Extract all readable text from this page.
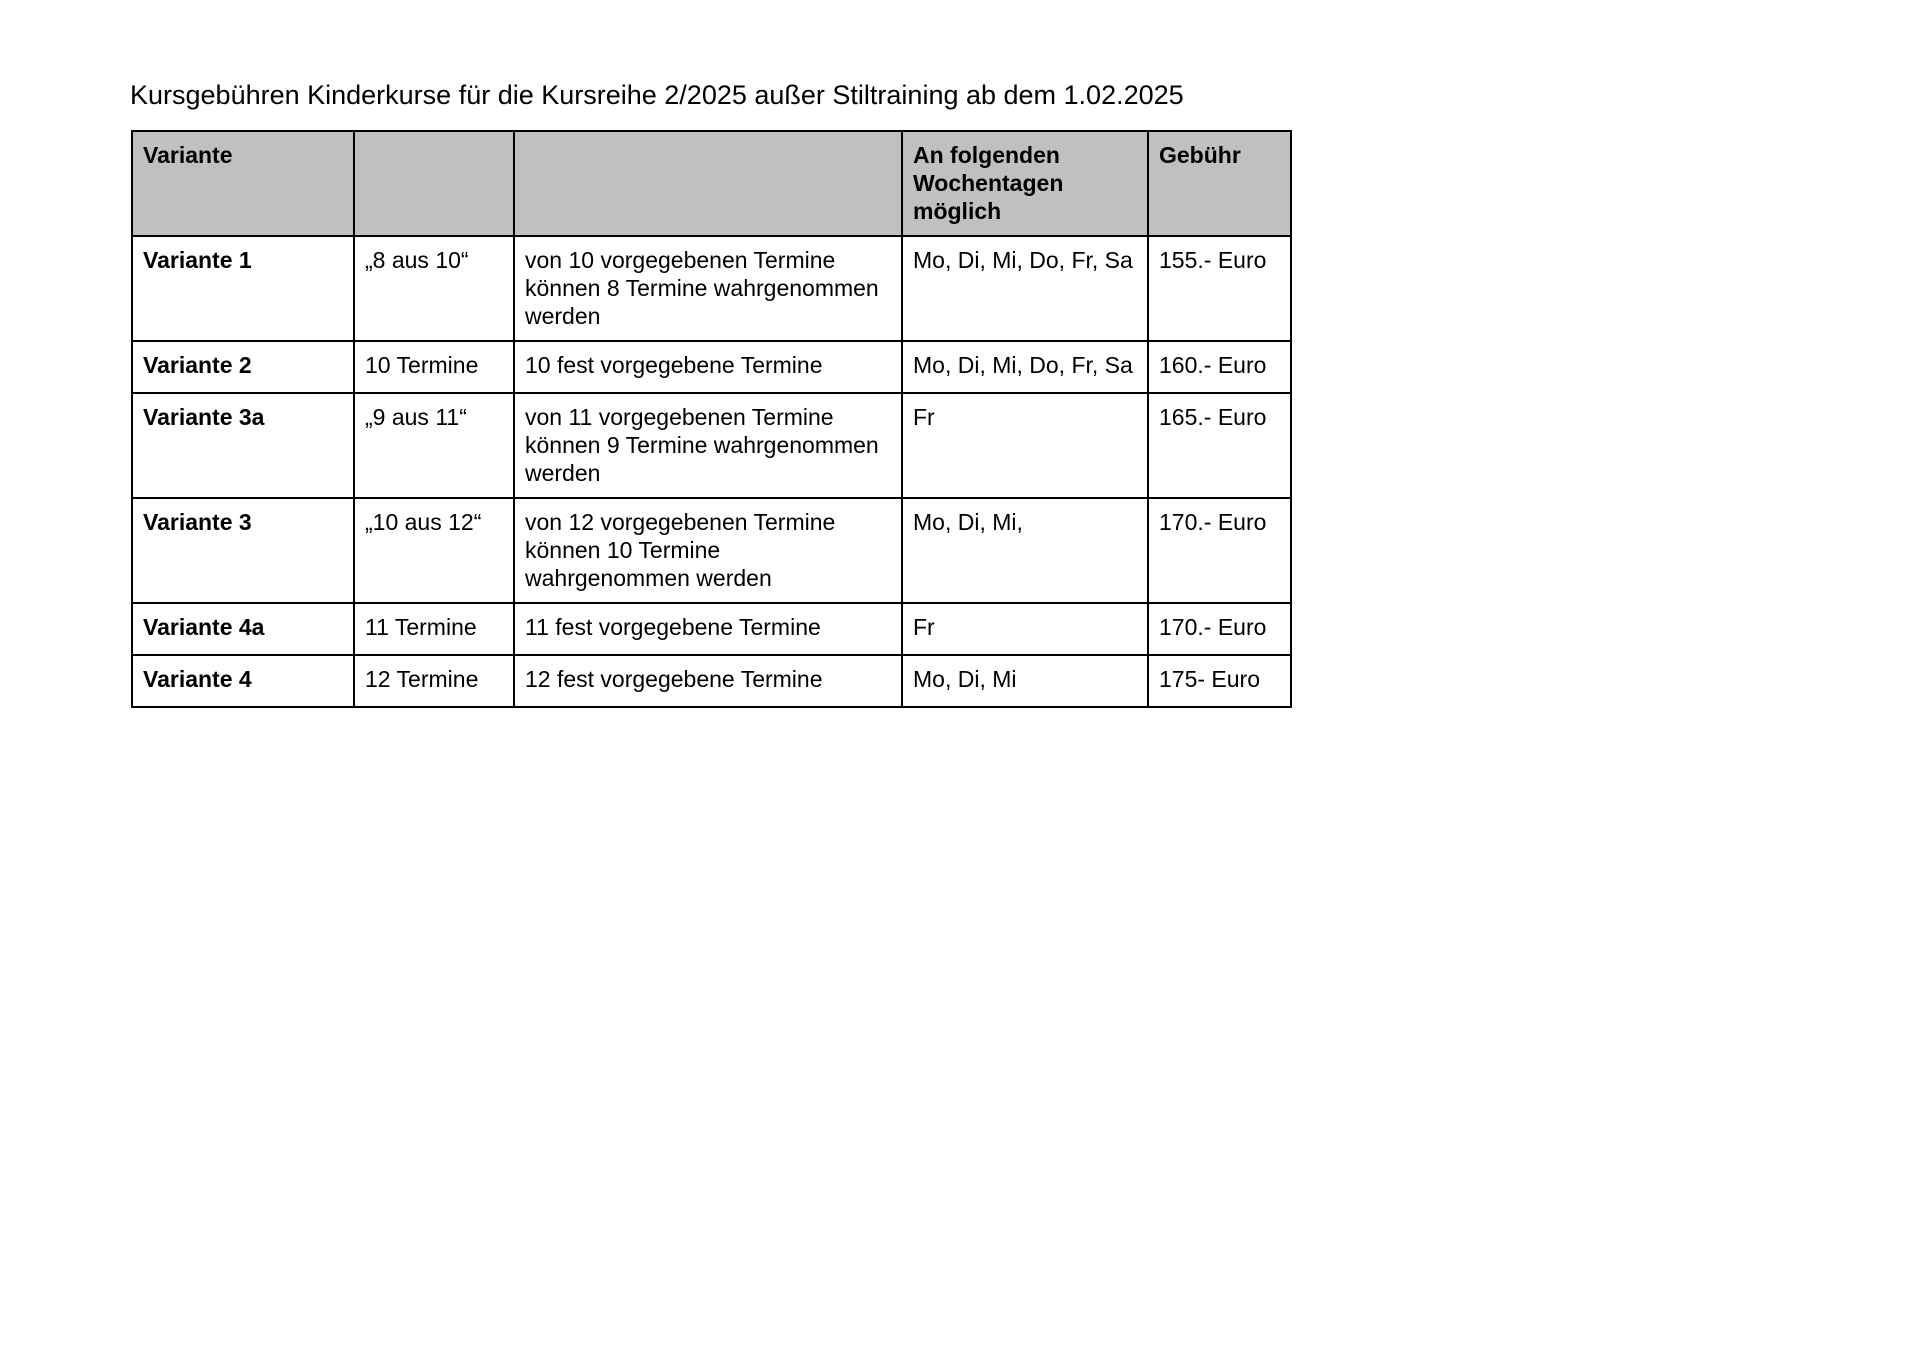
Kursgebühren Kinderkurse für die Kursreihe 2/2025 außer Stiltraining ab dem 1.02.2025
Variante			An folgenden Wochentagen möglich	Gebühr
Variante 1	„8 aus 10“	von 10 vorgegebenen Termine können 8 Termine wahrgenommen werden	Mo, Di, Mi, Do, Fr, Sa	155.- Euro
Variante 2	10 Termine	10 fest vorgegebene Termine	Mo, Di, Mi, Do, Fr, Sa	160.- Euro
Variante 3a	„9 aus 11“	von 11 vorgegebenen Termine können 9 Termine wahrgenommen werden	Fr	165.- Euro
Variante 3	„10 aus 12“	von 12 vorgegebenen Termine können 10 Termine wahrgenommen werden	Mo, Di, Mi,	170.- Euro
Variante 4a	11 Termine	11 fest vorgegebene Termine	Fr	170.- Euro
Variante 4	12 Termine	12 fest vorgegebene Termine	Mo, Di, Mi	175- Euro
